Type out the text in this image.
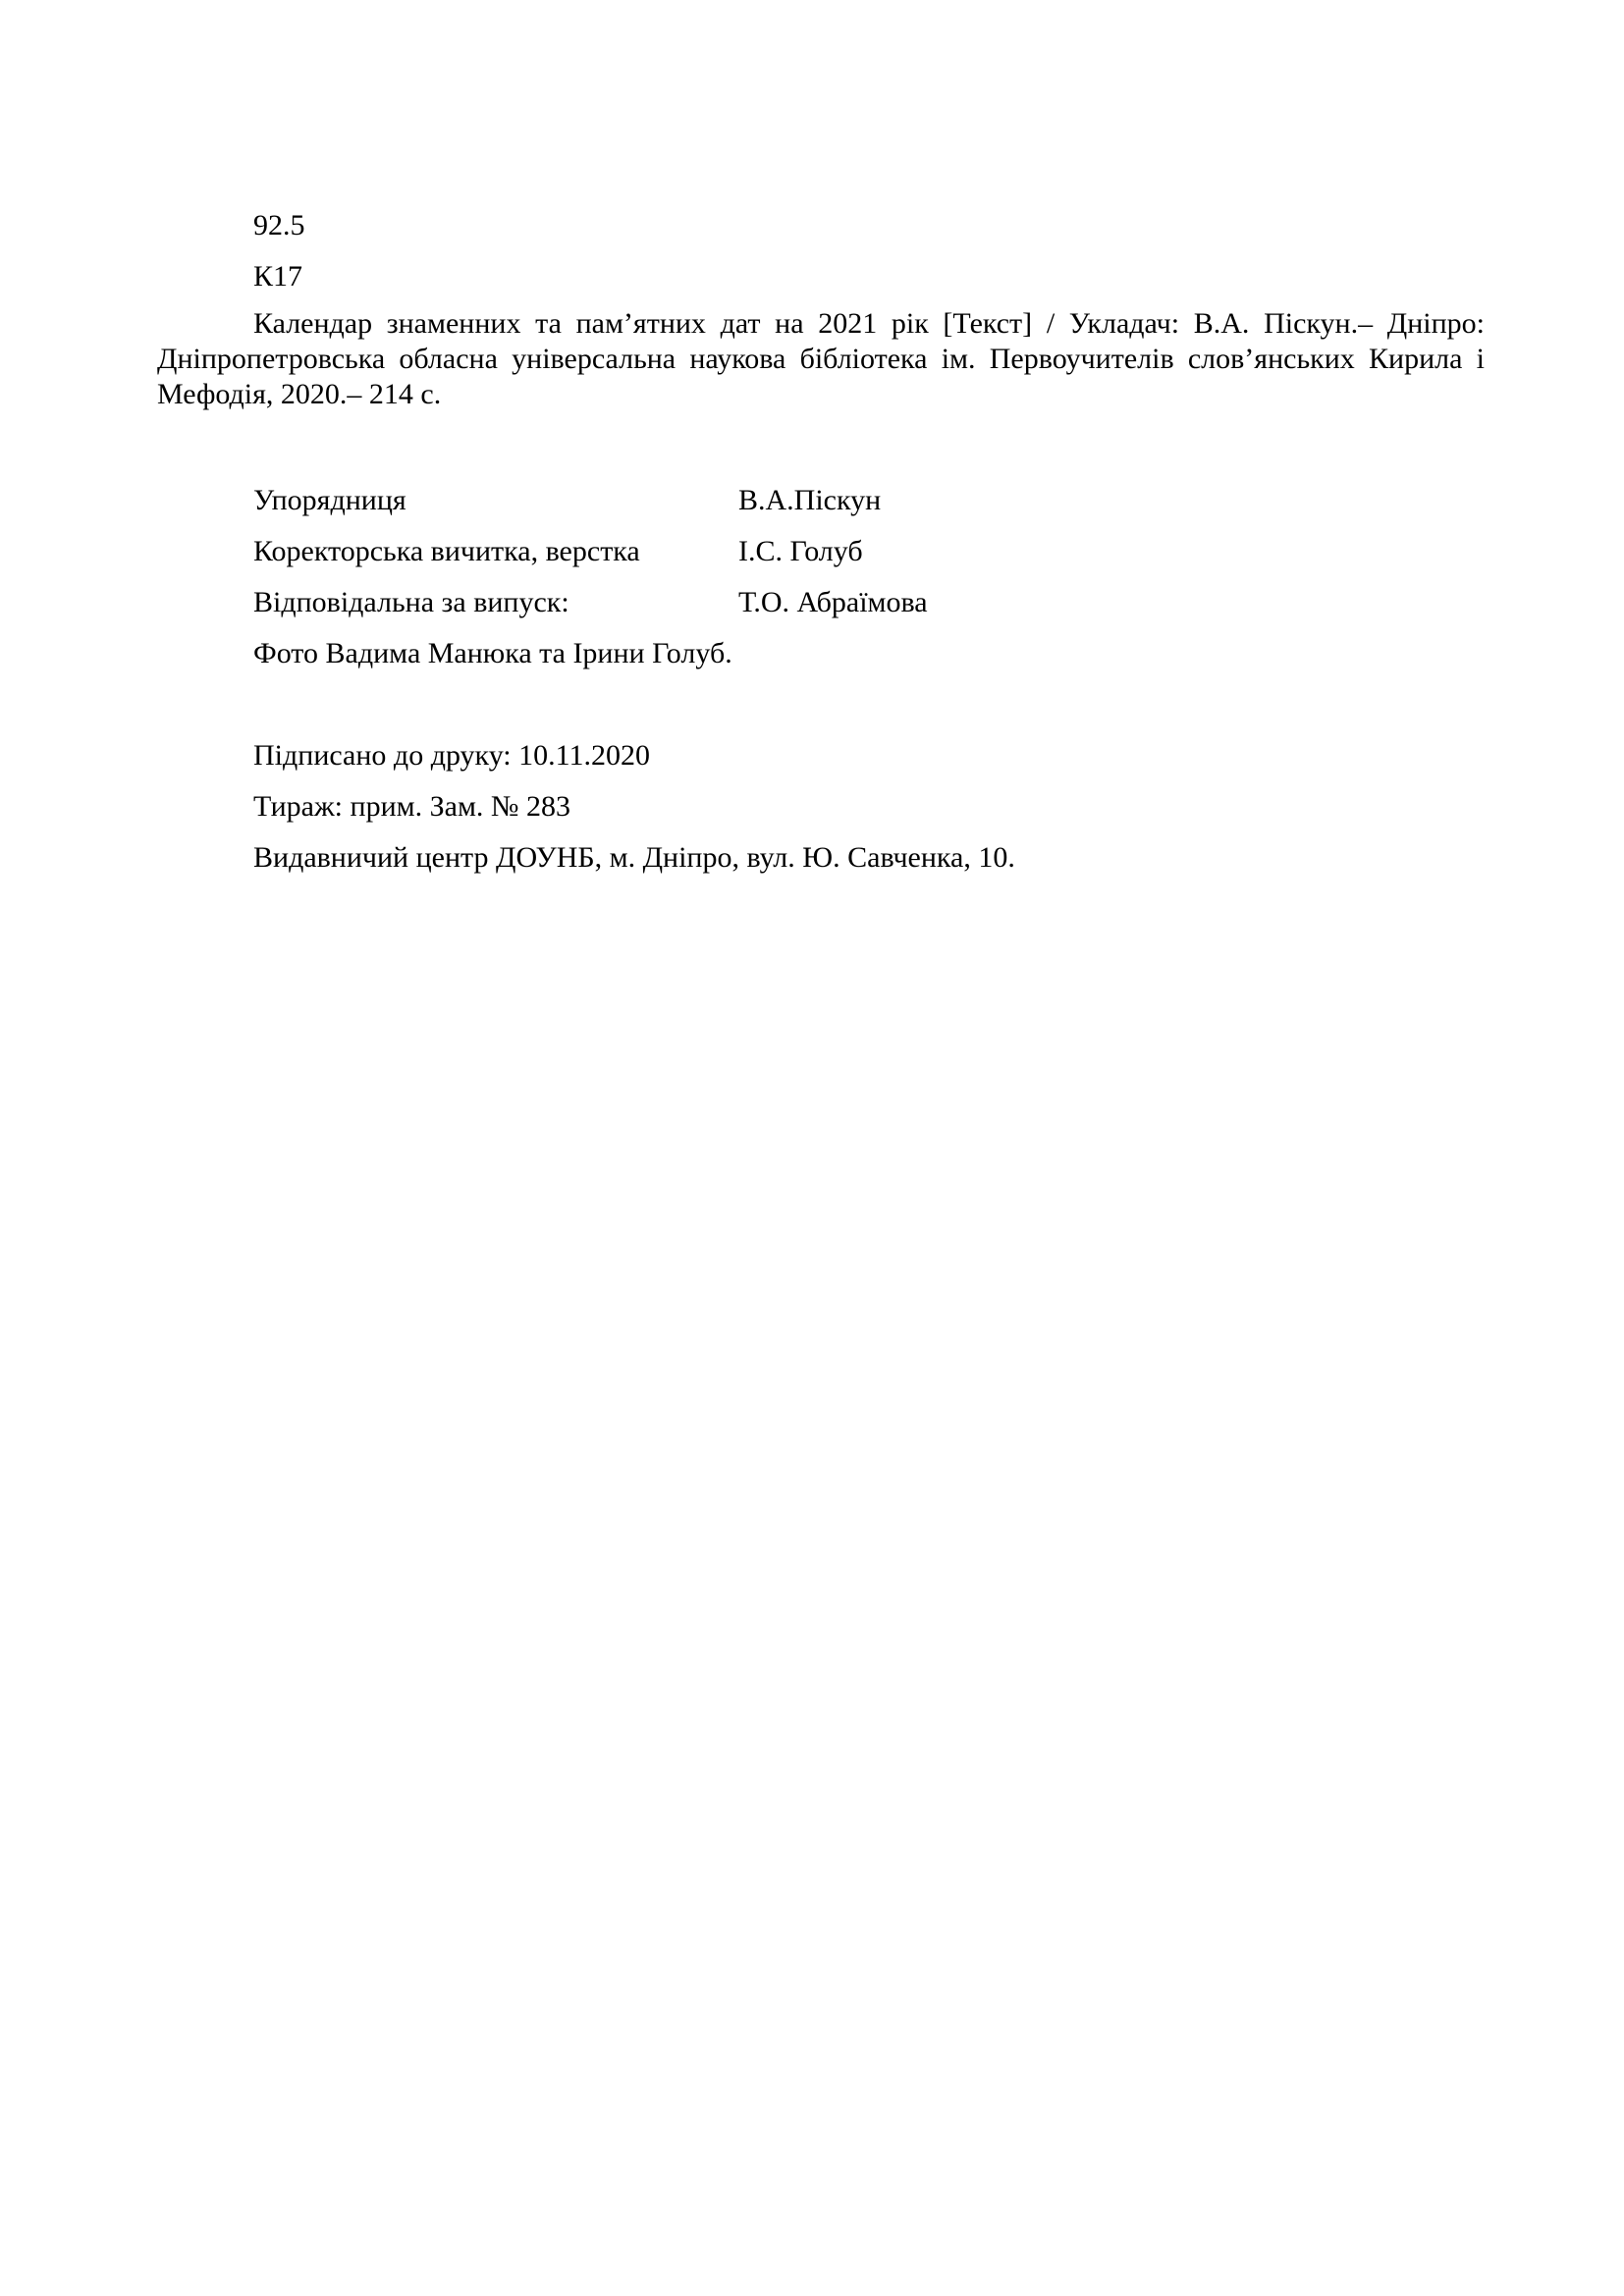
92.5
К17
Календар знаменних та пам’ятних дат на 2021 рік [Текст] / Укладач: В.А. Піскун.– Дніпро: Дніпропетровська обласна універсальна наукова бібліотека ім. Первоучителів слов’янських Кирила і Мефодія, 2020.– 214 с.
Упорядниця	В.А.Піскун
Коректорська вичитка, верстка	І.С. Голуб
Відповідальна за випуск:	Т.О. Абраїмова
Фото Вадима Манюка та Ірини Голуб.
Підписано до друку: 10.11.2020
Тираж: прим. Зам. № 283
Видавничий центр ДОУНБ, м. Дніпро, вул. Ю. Савченка, 10.
